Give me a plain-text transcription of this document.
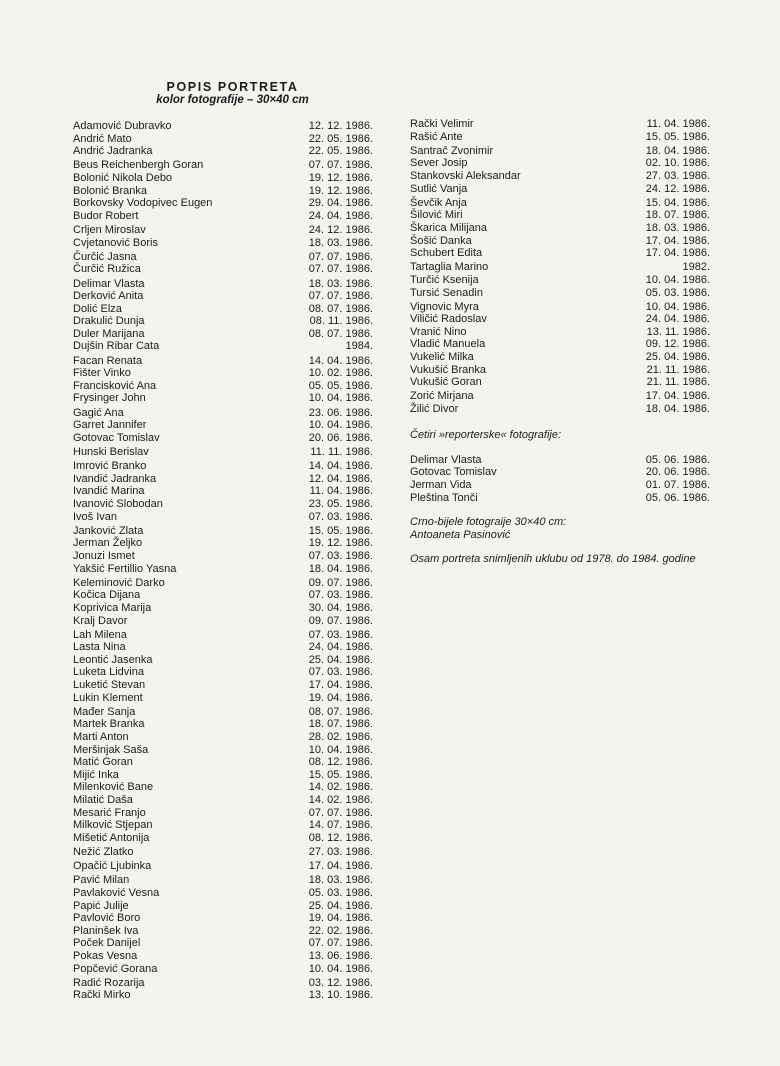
POPIS PORTRETA
kolor fotografije – 30×40 cm
Adamović Dubravko	12. 12. 1986.
Andrić Mato	22. 05. 1986.
Andrić Jadranka	22. 05. 1986.
Beus Reichenbergh Goran	07. 07. 1986.
Bolonić Nikola Debo	19. 12. 1986.
Bolonić Branka	19. 12. 1986.
Borkovsky Vodopivec Eugen	29. 04. 1986.
Budor Robert	24. 04. 1986.
Crljen Miroslav	24. 12. 1986.
Cvjetanović Boris	18. 03. 1986.
Čurčić Jasna	07. 07. 1986.
Čurčić Ružica	07. 07. 1986.
Delimar Vlasta	18. 03. 1986.
Derković Anita	07. 07. 1986.
Dolić Elza	08. 07. 1986.
Drakulić Dunja	08. 11. 1986.
Duler Marijana	08. 07. 1986.
Dujšin Ribar Cata	1984.
Facan Renata	14. 04. 1986.
Fišter Vinko	10. 02. 1986.
Francisković Ana	05. 05. 1986.
Frysinger John	10. 04. 1986.
Gagić Ana	23. 06. 1986.
Garret Jannifer	10. 04. 1986.
Gotovac Tomislav	20. 06. 1986.
Hunski Berislav	11. 11. 1986.
Imrović Branko	14. 04. 1986.
Ivandić Jadranka	12. 04. 1986.
Ivandić Marina	11. 04. 1986.
Ivanović Slobodan	23. 05. 1986.
Ivoš Ivan	07. 03. 1986.
Janković Zlata	15. 05. 1986.
Jerman Željko	19. 12. 1986.
Jonuzi Ismet	07. 03. 1986.
Yakšić Fertillio Yasna	18. 04. 1986.
Keleminović Darko	09. 07. 1986.
Kočica Dijana	07. 03. 1986.
Koprivica Marija	30. 04. 1986.
Kralj Davor	09. 07. 1986.
Lah Milena	07. 03. 1986.
Lasta Nina	24. 04. 1986.
Leontić Jasenka	25. 04. 1986.
Luketa Lidvina	07. 03. 1986.
Luketić Stevan	17. 04. 1986.
Lukin Klement	19. 04. 1986.
Mađer Sanja	08. 07. 1986.
Martek Branka	18. 07. 1986.
Marti Anton	28. 02. 1986.
Meršinjak Saša	10. 04. 1986.
Matić Goran	08. 12. 1986.
Mijić Inka	15. 05. 1986.
Milenković Bane	14. 02. 1986.
Milatić Daša	14. 02. 1986.
Mesarić Franjo	07. 07. 1986.
Milković Stjepan	14. 07. 1986.
Mišetić Antonija	08. 12. 1986.
Nežić Zlatko	27. 03. 1986.
Opačić Ljubinka	17. 04. 1986.
Pavić Milan	18. 03. 1986.
Pavlaković Vesna	05. 03. 1986.
Papić Julije	25. 04. 1986.
Pavlović Boro	19. 04. 1986.
Planinšek Iva	22. 02. 1986.
Poček Danijel	07. 07. 1986.
Pokas Vesna	13. 06. 1986.
Popčević Gorana	10. 04. 1986.
Radić Rozarija	03. 12. 1986.
Rački Mirko	13. 10. 1986.
Rački Velimir	11. 04. 1986.
Rašić Ante	15. 05. 1986.
Santrač Zvonimir	18. 04. 1986.
Sever Josip	02. 10. 1986.
Stankovski Aleksandar	27. 03. 1986.
Sutlić Vanja	24. 12. 1986.
Ševčik Anja	15. 04. 1986.
Šilović Miri	18. 07. 1986.
Škarica Milijana	18. 03. 1986.
Šošić Danka	17. 04. 1986.
Schubert Edita	17. 04. 1986.
Tartaglia Marino	1982.
Turčić Ksenija	10. 04. 1986.
Tursić Senadin	05. 03. 1986.
Vignovic Myra	10. 04. 1986.
Viličić Radoslav	24. 04. 1986.
Vranić Nino	13. 11. 1986.
Vladić Manuela	09. 12. 1986.
Vukelić Milka	25. 04. 1986.
Vukušić Branka	21. 11. 1986.
Vukušić Goran	21. 11. 1986.
Zorić Mirjana	17. 04. 1986.
Žilić Divor	18. 04. 1986.
Četiri »reporterske« fotografije:
Delimar Vlasta	05. 06. 1986.
Gotovac Tomislav	20. 06. 1986.
Jerman Vida	01. 07. 1986.
Pleština Tonči	05. 06. 1986.
Crno-bijele fotograije 30×40 cm:
Antoaneta Pasinović
Osam portreta snimljenih uklubu od 1978. do 1984. godine
